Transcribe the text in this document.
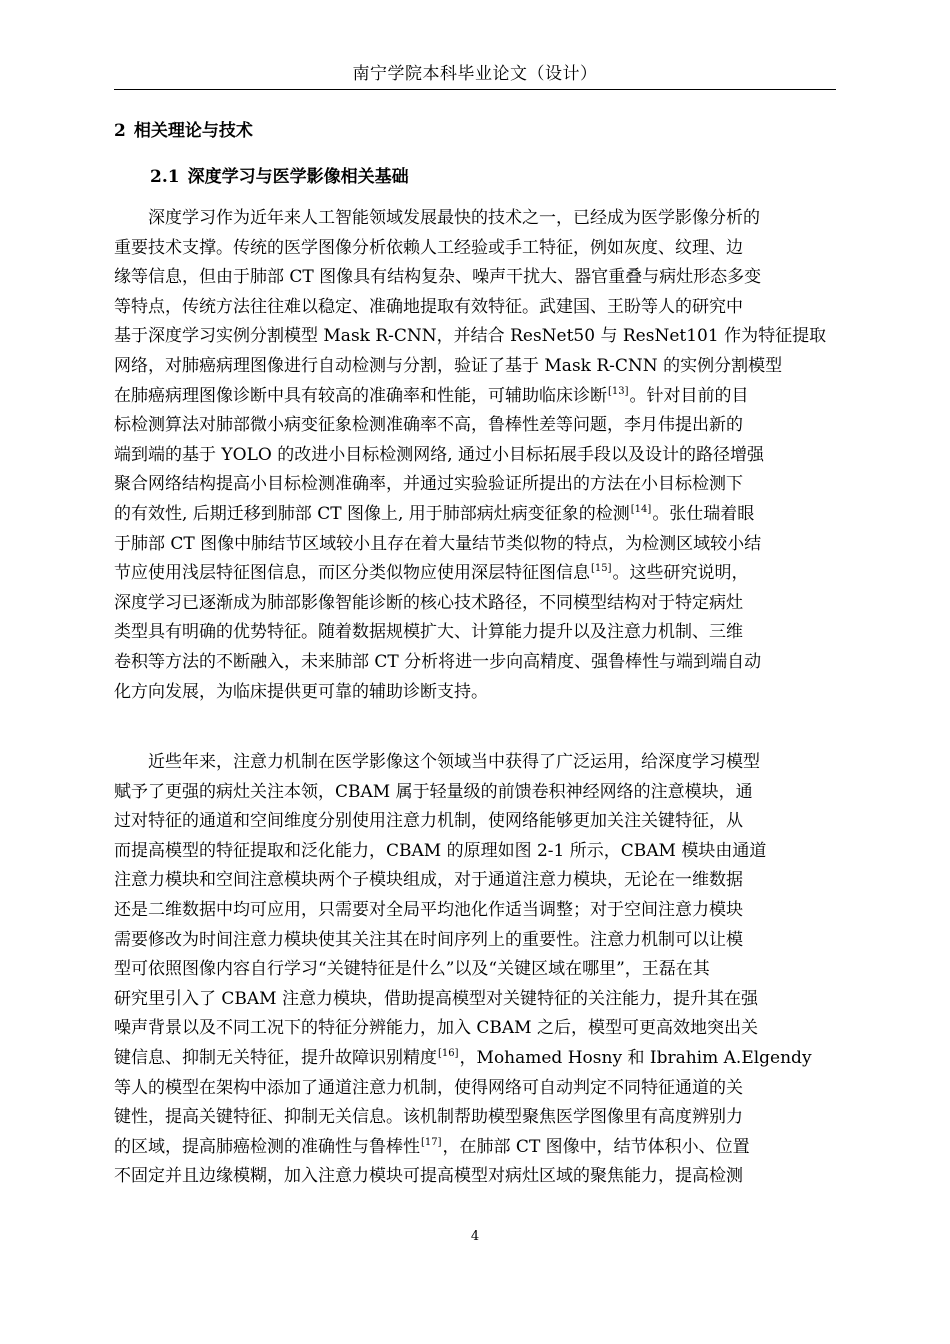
南宁学院本科毕业论文（设计）
2 相关理论与技术
2.1 深度学习与医学影像相关基础
深度学习作为近年来人工智能领域发展最快的技术之一，已经成为医学影像分析的
重要技术支撑。传统的医学图像分析依赖人工经验或手工特征，例如灰度、纹理、边
缘等信息，但由于肺部 CT 图像具有结构复杂、噪声干扰大、器官重叠与病灶形态多变
等特点，传统方法往往难以稳定、准确地提取有效特征。武建国、王盼等人的研究中
基于深度学习实例分割模型 Mask R-CNN，并结合 ResNet50 与 ResNet101 作为特征提取
网络，对肺癌病理图像进行自动检测与分割，验证了基于 Mask R-CNN 的实例分割模型
在肺癌病理图像诊断中具有较高的准确率和性能，可辅助临床诊断[13]。针对目前的目
标检测算法对肺部微小病变征象检测准确率不高，鲁棒性差等问题，李月伟提出新的
端到端的基于 YOLO 的改进小目标检测网络, 通过小目标拓展手段以及设计的路径增强
聚合网络结构提高小目标检测准确率，并通过实验验证所提出的方法在小目标检测下
的有效性, 后期迁移到肺部 CT 图像上, 用于肺部病灶病变征象的检测[14]。张仕瑞着眼
于肺部 CT 图像中肺结节区域较小且存在着大量结节类似物的特点，为检测区域较小结
节应使用浅层特征图信息，而区分类似物应使用深层特征图信息[15]。这些研究说明，
深度学习已逐渐成为肺部影像智能诊断的核心技术路径，不同模型结构对于特定病灶
类型具有明确的优势特征。随着数据规模扩大、计算能力提升以及注意力机制、三维
卷积等方法的不断融入，未来肺部 CT 分析将进一步向高精度、强鲁棒性与端到端自动
化方向发展，为临床提供更可靠的辅助诊断支持。
近些年来，注意力机制在医学影像这个领域当中获得了广泛运用，给深度学习模型
赋予了更强的病灶关注本领，CBAM 属于轻量级的前馈卷积神经网络的注意模块，通
过对特征的通道和空间维度分别使用注意力机制，使网络能够更加关注关键特征，从
而提高模型的特征提取和泛化能力，CBAM 的原理如图 2-1 所示，CBAM 模块由通道
注意力模块和空间注意模块两个子模块组成，对于通道注意力模块，无论在一维数据
还是二维数据中均可应用，只需要对全局平均池化作适当调整；对于空间注意力模块
需要修改为时间注意力模块使其关注其在时间序列上的重要性。注意力机制可以让模
型可依照图像内容自行学习“关键特征是什么”以及“关键区域在哪里”，王磊在其
研究里引入了 CBAM 注意力模块，借助提高模型对关键特征的关注能力，提升其在强
噪声背景以及不同工况下的特征分辨能力，加入 CBAM 之后，模型可更高效地突出关
键信息、抑制无关特征，提升故障识别精度[16]，Mohamed Hosny 和 Ibrahim A.Elgendy
等人的模型在架构中添加了通道注意力机制，使得网络可自动判定不同特征通道的关
键性，提高关键特征、抑制无关信息。该机制帮助模型聚焦医学图像里有高度辨别力
的区域，提高肺癌检测的准确性与鲁棒性[17]，在肺部 CT 图像中，结节体积小、位置
不固定并且边缘模糊，加入注意力模块可提高模型对病灶区域的聚焦能力，提高检测
4
